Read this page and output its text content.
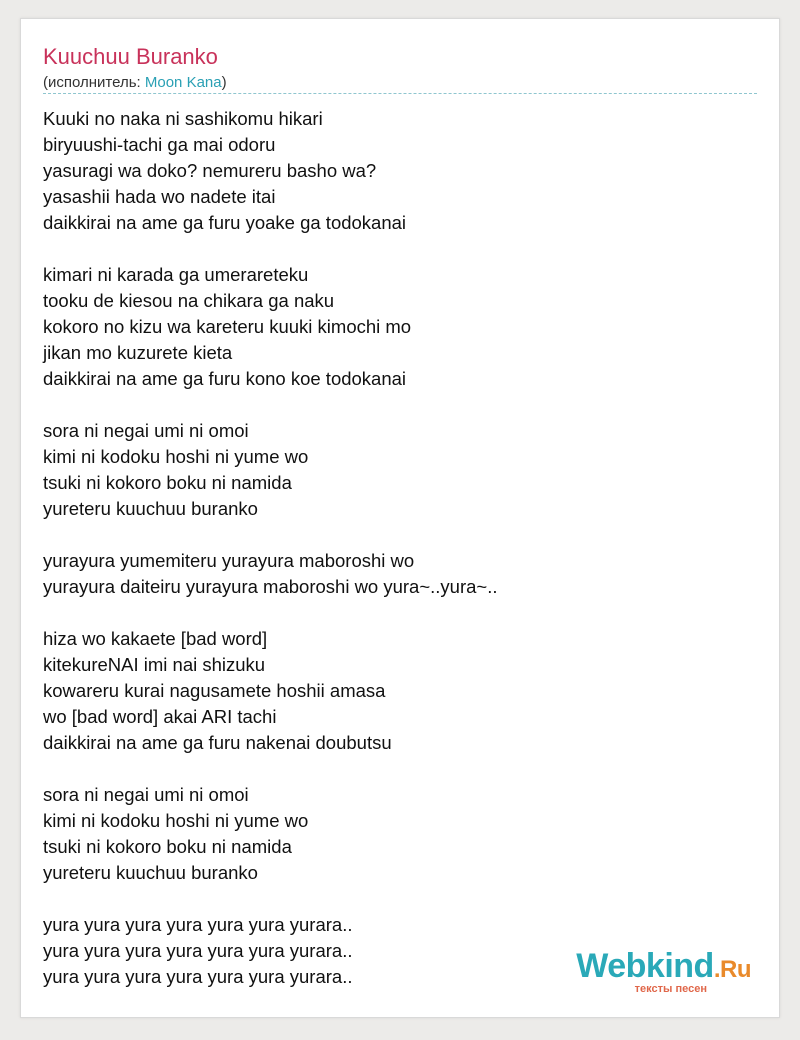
Kuuchuu Buranko
(исполнитель: Moon Kana)
Kuuki no naka ni sashikomu hikari
biryuushi-tachi ga mai odoru
yasuragi wa doko? nemureru basho wa?
yasashii hada wo nadete itai
daikkirai na ame ga furu yoake ga todokanai
kimari ni karada ga umerareteku
tooku de kiesou na chikara ga naku
kokoro no kizu wa kareteru kuuki kimochi mo
jikan mo kuzurete kieta
daikkirai na ame ga furu kono koe todokanai
sora ni negai umi ni omoi
kimi ni kodoku hoshi ni yume wo
tsuki ni kokoro boku ni namida
yureteru kuuchuu buranko
yurayura yumemiteru yurayura maboroshi wo
yurayura daiteiru yurayura maboroshi wo yura~..yura~..
hiza wo kakaete [bad word]
kitekureNAI imi nai shizuku
kowareru kurai nagusamete hoshii amasa
wo [bad word] akai ARI tachi
daikkirai na ame ga furu nakenai doubutsu
sora ni negai umi ni omoi
kimi ni kodoku hoshi ni yume wo
tsuki ni kokoro boku ni namida
yureteru kuuchuu buranko
yura yura yura yura yura yura yurara..
yura yura yura yura yura yura yurara..
yura yura yura yura yura yura yurara..	Webkind.Ru
тексты песен
